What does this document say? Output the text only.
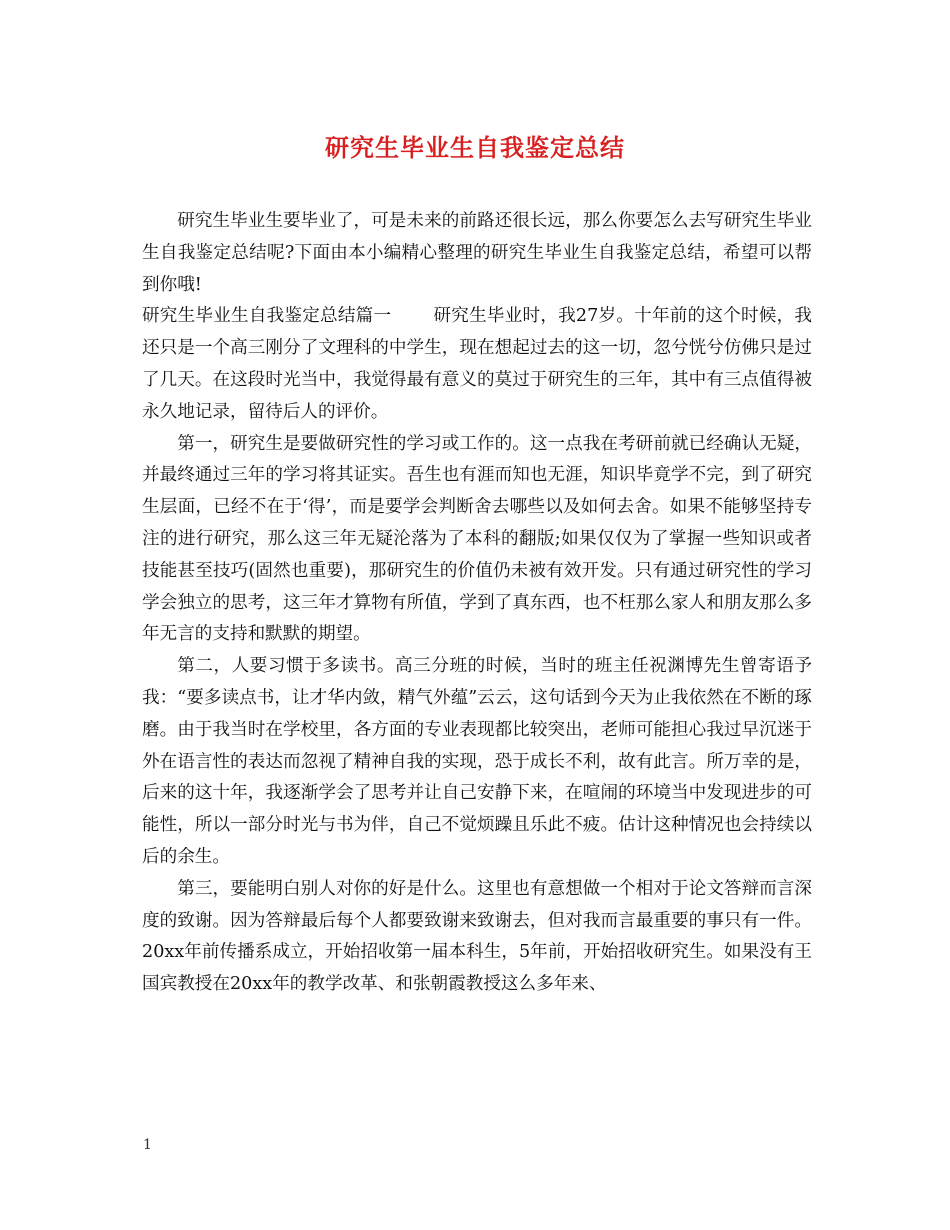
研究生毕业生自我鉴定总结

研究生毕业生要毕业了，可是未来的前路还很长远，那么你要怎么去写研究生毕业生自我鉴定总结呢?下面由本小编精心整理的研究生毕业生自我鉴定总结，希望可以帮到你哦!

研究生毕业生自我鉴定总结篇一 研究生毕业时，我27岁。十年前的这个时候，我还只是一个高三刚分了文理科的中学生，现在想起过去的这一切，忽兮恍兮仿佛只是过了几天。在这段时光当中，我觉得最有意义的莫过于研究生的三年，其中有三点值得被永久地记录，留待后人的评价。

第一，研究生是要做研究性的学习或工作的。这一点我在考研前就已经确认无疑，并最终通过三年的学习将其证实。吾生也有涯而知也无涯，知识毕竟学不完，到了研究生层面，已经不在于‘得’，而是要学会判断舍去哪些以及如何去舍。如果不能够坚持专注的进行研究，那么这三年无疑沦落为了本科的翻版;如果仅仅为了掌握一些知识或者技能甚至技巧(固然也重要)，那研究生的价值仍未被有效开发。只有通过研究性的学习学会独立的思考，这三年才算物有所值，学到了真东西，也不枉那么家人和朋友那么多年无言的支持和默默的期望。

第二，人要习惯于多读书。高三分班的时候，当时的班主任祝渊博先生曾寄语予我：“要多读点书，让才华内敛，精气外蕴”云云，这句话到今天为止我依然在不断的琢磨。由于我当时在学校里，各方面的专业表现都比较突出，老师可能担心我过早沉迷于外在语言性的表达而忽视了精神自我的实现，恐于成长不利，故有此言。所万幸的是，后来的这十年，我逐渐学会了思考并让自己安静下来，在喧闹的环境当中发现进步的可能性，所以一部分时光与书为伴，自己不觉烦躁且乐此不疲。估计这种情况也会持续以后的余生。

第三，要能明白别人对你的好是什么。这里也有意想做一个相对于论文答辩而言深度的致谢。因为答辩最后每个人都要致谢来致谢去，但对我而言最重要的事只有一件。20xx年前传播系成立，开始招收第一届本科生，5年前，开始招收研究生。如果没有王国宾教授在20xx年的教学改革、和张朝霞教授这么多年来、

1
